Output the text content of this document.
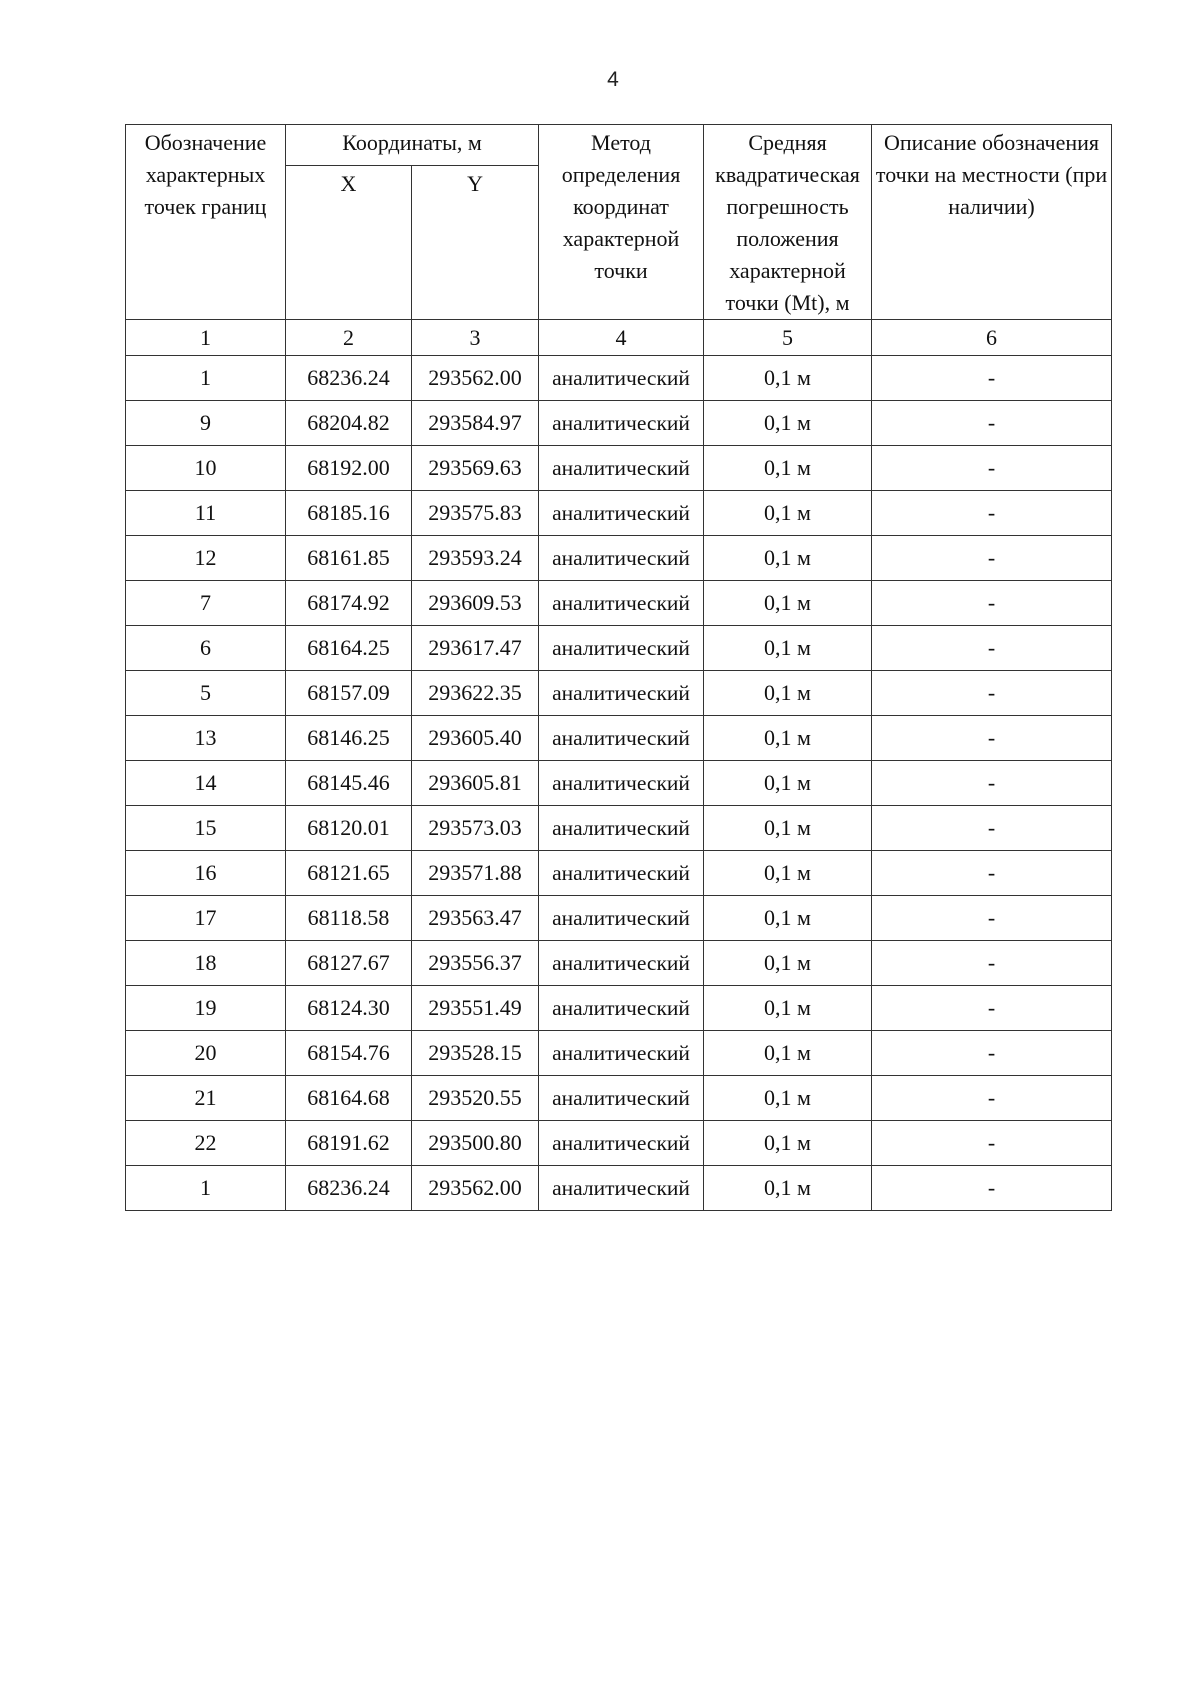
4
Обозначение характерных точек границ	Координаты, м		Метод определения координат характерной точки	Средняя квадратическая погрешность положения характерной точки (Mt), м	Описание обозначения точки на местности (при наличии)
	X	Y			
1	2	3	4	5	6
1	68236.24	293562.00	аналитический	0,1 м	-
9	68204.82	293584.97	аналитический	0,1 м	-
10	68192.00	293569.63	аналитический	0,1 м	-
11	68185.16	293575.83	аналитический	0,1 м	-
12	68161.85	293593.24	аналитический	0,1 м	-
7	68174.92	293609.53	аналитический	0,1 м	-
6	68164.25	293617.47	аналитический	0,1 м	-
5	68157.09	293622.35	аналитический	0,1 м	-
13	68146.25	293605.40	аналитический	0,1 м	-
14	68145.46	293605.81	аналитический	0,1 м	-
15	68120.01	293573.03	аналитический	0,1 м	-
16	68121.65	293571.88	аналитический	0,1 м	-
17	68118.58	293563.47	аналитический	0,1 м	-
18	68127.67	293556.37	аналитический	0,1 м	-
19	68124.30	293551.49	аналитический	0,1 м	-
20	68154.76	293528.15	аналитический	0,1 м	-
21	68164.68	293520.55	аналитический	0,1 м	-
22	68191.62	293500.80	аналитический	0,1 м	-
1	68236.24	293562.00	аналитический	0,1 м	-
